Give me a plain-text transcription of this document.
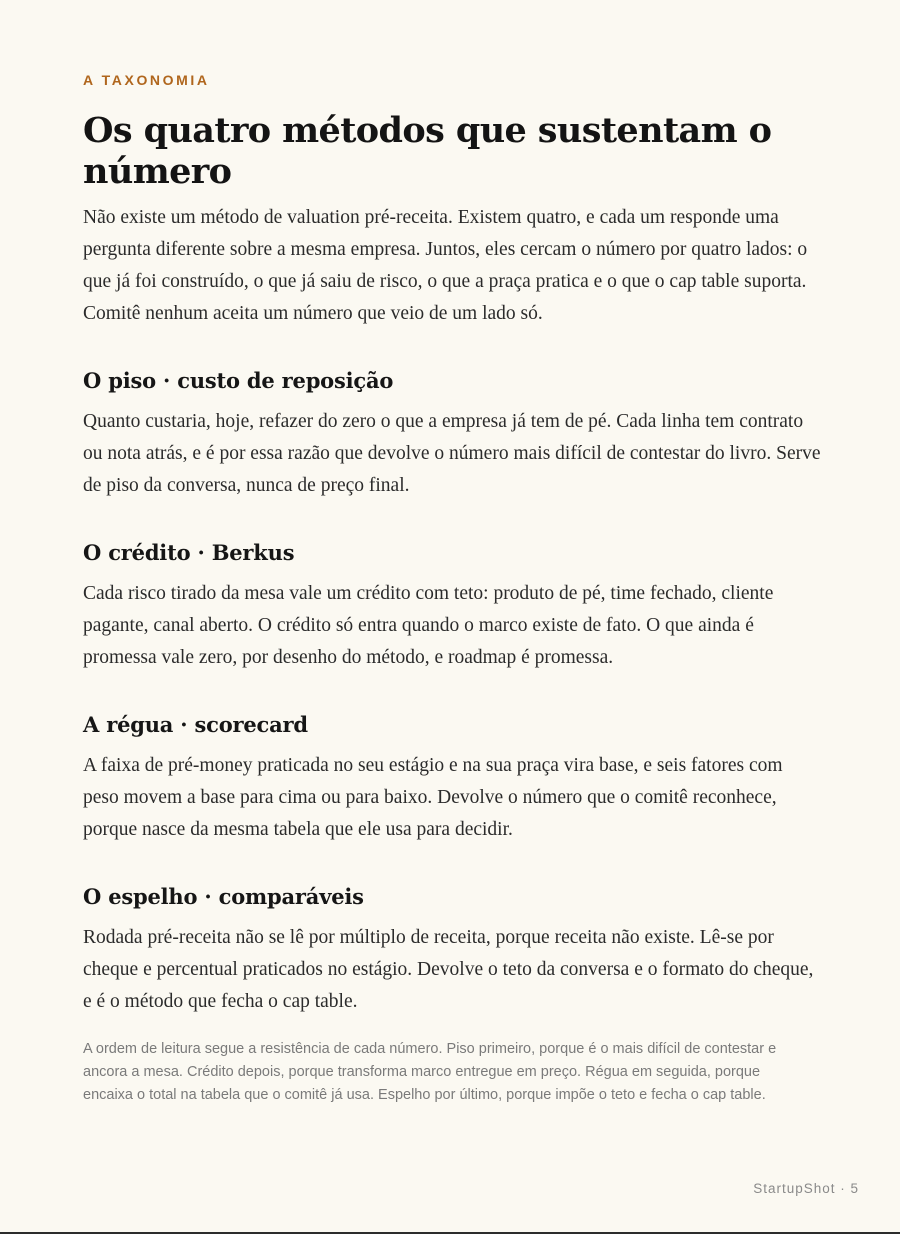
A TAXONOMIA
Os quatro métodos que sustentam o número

Não existe um método de valuation pré-receita. Existem quatro, e cada um responde uma pergunta diferente sobre a mesma empresa. Juntos, eles cercam o número por quatro lados: o que já foi construído, o que já saiu de risco, o que a praça pratica e o que o cap table suporta. Comitê nenhum aceita um número que veio de um lado só.

O piso · custo de reposição

Quanto custaria, hoje, refazer do zero o que a empresa já tem de pé. Cada linha tem contrato ou nota atrás, e é por essa razão que devolve o número mais difícil de contestar do livro. Serve de piso da conversa, nunca de preço final.

O crédito · Berkus

Cada risco tirado da mesa vale um crédito com teto: produto de pé, time fechado, cliente pagante, canal aberto. O crédito só entra quando o marco existe de fato. O que ainda é promessa vale zero, por desenho do método, e roadmap é promessa.

A régua · scorecard

A faixa de pré-money praticada no seu estágio e na sua praça vira base, e seis fatores com peso movem a base para cima ou para baixo. Devolve o número que o comitê reconhece, porque nasce da mesma tabela que ele usa para decidir.

O espelho · comparáveis

Rodada pré-receita não se lê por múltiplo de receita, porque receita não existe. Lê-se por cheque e percentual praticados no estágio. Devolve o teto da conversa e o formato do cheque, e é o método que fecha o cap table.

A ordem de leitura segue a resistência de cada número. Piso primeiro, porque é o mais difícil de contestar e ancora a mesa. Crédito depois, porque transforma marco entregue em preço. Régua em seguida, porque encaixa o total na tabela que o comitê já usa. Espelho por último, porque impõe o teto e fecha o cap table.

StartupShot · 5
